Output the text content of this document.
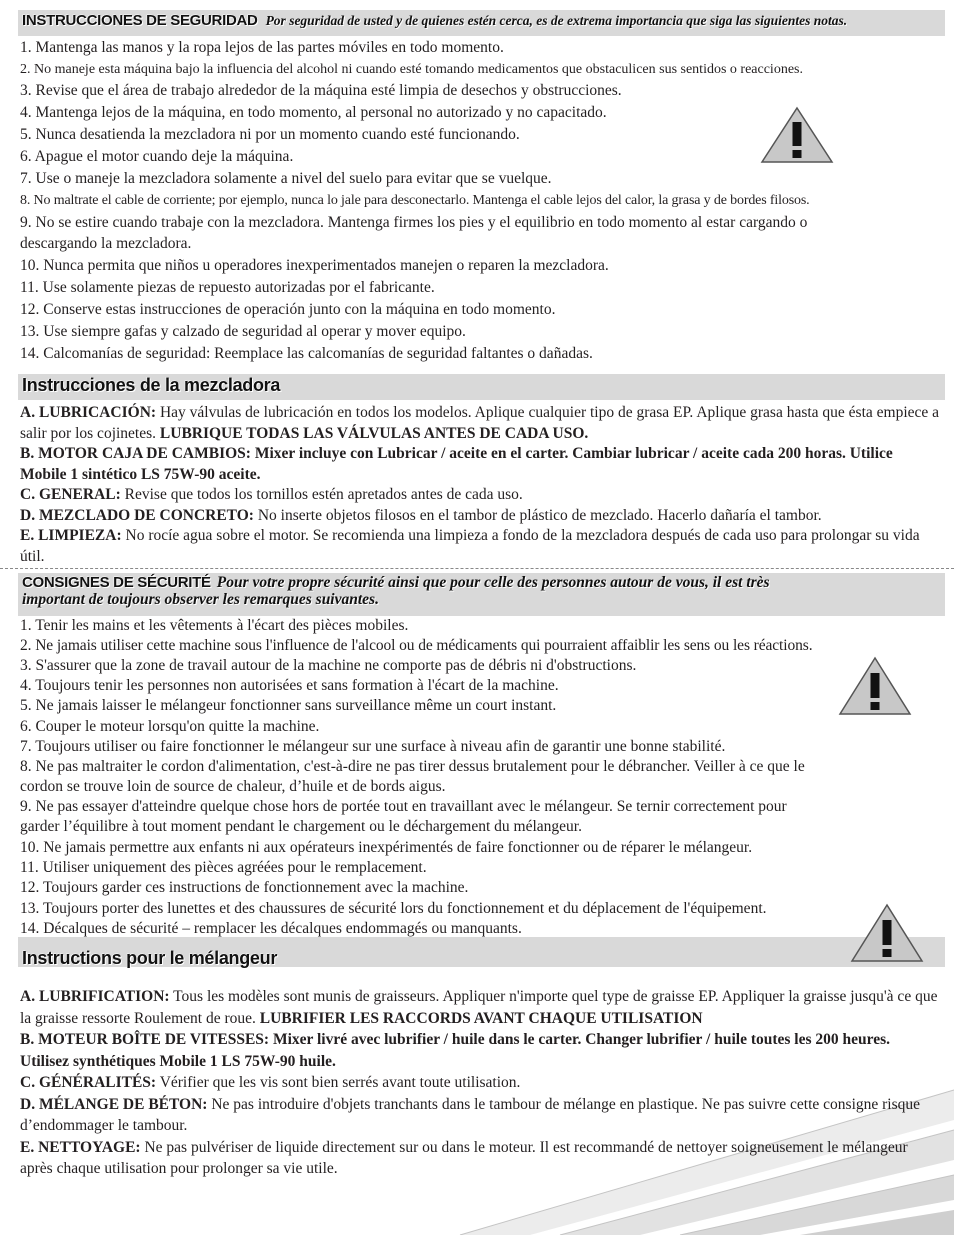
INSTRUCCIONES DE SEGURIDAD Por seguridad de usted y de quienes estén cerca, es de extrema importancia que siga las siguientes notas.
1. Mantenga las manos y la ropa lejos de las partes móviles en todo momento.
2. No maneje esta máquina bajo la influencia del alcohol ni cuando esté tomando medicamentos que obstaculicen sus sentidos o reacciones.
3. Revise que el área de trabajo alrededor de la máquina esté limpia de desechos y obstrucciones.
4. Mantenga lejos de la máquina, en todo momento, al personal no autorizado y no capacitado.
5. Nunca desatienda la mezcladora ni por un momento cuando esté funcionando.
6. Apague el motor cuando deje la máquina.
7. Use o maneje la mezcladora solamente a nivel del suelo para evitar que se vuelque.
8. No maltrate el cable de corriente; por ejemplo, nunca lo jale para desconectarlo. Mantenga el cable lejos del calor, la grasa y de bordes filosos.
9. No se estire cuando trabaje con la mezcladora. Mantenga firmes los pies y el equilibrio en todo momento al estar cargando o
descargando la mezcladora.
10. Nunca permita que niños u operadores inexperimentados manejen o reparen la mezcladora.
11. Use solamente piezas de repuesto autorizadas por el fabricante.
12. Conserve estas instrucciones de operación junto con la máquina en todo momento.
13. Use siempre gafas y calzado de seguridad al operar y mover equipo.
14. Calcomanías de seguridad: Reemplace las calcomanías de seguridad faltantes o dañadas.
Instrucciones de la mezcladora
A. LUBRICACIÓN: Hay válvulas de lubricación en todos los modelos. Aplique cualquier tipo de grasa EP. Aplique grasa hasta que ésta empiece a salir por los cojinetes. LUBRIQUE TODAS LAS VÁLVULAS ANTES DE CADA USO.
B. MOTOR CAJA DE CAMBIOS: Mixer incluye con Lubricar / aceite en el carter. Cambiar lubricar / aceite cada 200 horas. Utilice Mobile 1 sintético LS 75W-90 aceite.
C. GENERAL: Revise que todos los tornillos estén apretados antes de cada uso.
D. MEZCLADO DE CONCRETO: No inserte objetos filosos en el tambor de plástico de mezclado. Hacerlo dañaría el tambor.
E. LIMPIEZA: No rocíe agua sobre el motor. Se recomienda una limpieza a fondo de la mezcladora después de cada uso para prolongar su vida útil.
CONSIGNES DE SÉCURITÉ Pour votre propre sécurité ainsi que pour celle des personnes autour de vous, il est très
important de toujours observer les remarques suivantes.
1. Tenir les mains et les vêtements à l'écart des pièces mobiles.
2. Ne jamais utiliser cette machine sous l'influence de l'alcool ou de médicaments qui pourraient affaiblir les sens ou les réactions.
3. S'assurer que la zone de travail autour de la machine ne comporte pas de débris ni d'obstructions.
4. Toujours tenir les personnes non autorisées et sans formation à l'écart de la machine.
5. Ne jamais laisser le mélangeur fonctionner sans surveillance même un court instant.
6. Couper le moteur lorsqu'on quitte la machine.
7. Toujours utiliser ou faire fonctionner le mélangeur sur une surface à niveau afin de garantir une bonne stabilité.
8. Ne pas maltraiter le cordon d'alimentation, c'est-à-dire ne pas tirer dessus brutalement pour le débrancher. Veiller à ce que le
cordon se trouve loin de source de chaleur, d’huile et de bords aigus.
9. Ne pas essayer d'atteindre quelque chose hors de portée tout en travaillant avec le mélangeur. Se ternir correctement pour
garder l’équilibre à tout moment pendant le chargement ou le déchargement du mélangeur.
10. Ne jamais permettre aux enfants ni aux opérateurs inexpérimentés de faire fonctionner ou de réparer le mélangeur.
11. Utiliser uniquement des pièces agréées pour le remplacement.
12. Toujours garder ces instructions de fonctionnement avec la machine.
13. Toujours porter des lunettes et des chaussures de sécurité lors du fonctionnement et du déplacement de l'équipement.
14. Décalques de sécurité – remplacer les décalques endommagés ou manquants.
Instructions pour le mélangeur
A. LUBRIFICATION: Tous les modèles sont munis de graisseurs. Appliquer n'importe quel type de graisse EP. Appliquer la graisse jusqu'à ce que la graisse ressorte Roulement de roue. LUBRIFIER LES RACCORDS AVANT CHAQUE UTILISATION
B. MOTEUR BOÎTE DE VITESSES: Mixer livré avec lubrifier / huile dans le carter. Changer lubrifier / huile toutes les 200 heures. Utilisez synthétiques Mobile 1 LS 75W-90 huile.
C. GÉNÉRALITÉS: Vérifier que les vis sont bien serrés avant toute utilisation.
D. MÉLANGE DE BÉTON: Ne pas introduire d'objets tranchants dans le tambour de mélange en plastique. Ne pas suivre cette consigne risque d’endommager le tambour.
E. NETTOYAGE: Ne pas pulvériser de liquide directement sur ou dans le moteur. Il est recommandé de nettoyer soigneusement le mélangeur après chaque utilisation pour prolonger sa vie utile.
